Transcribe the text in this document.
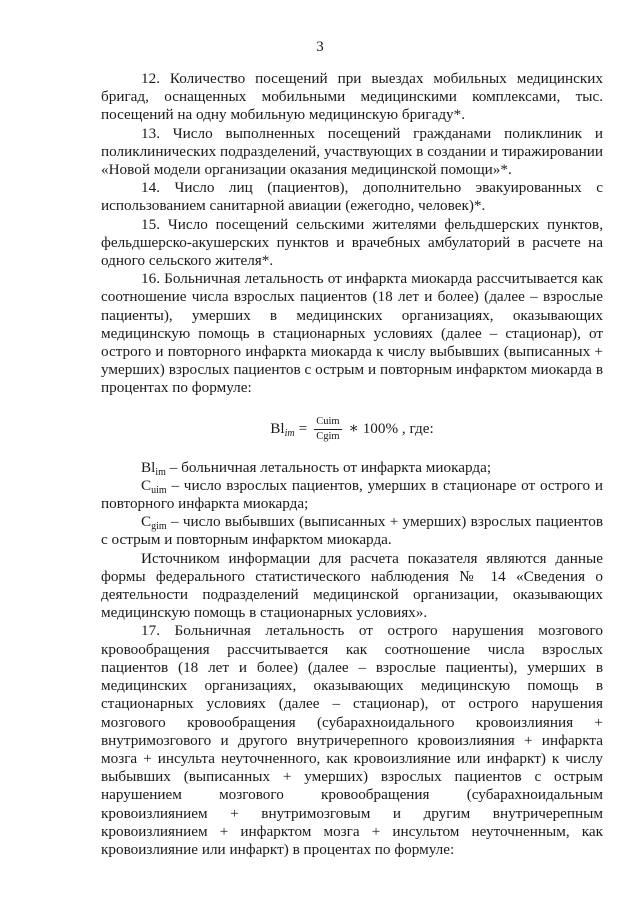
3

12. Количество посещений при выездах мобильных медицинских бригад, оснащенных мобильными медицинскими комплексами, тыс. посещений на одну мобильную медицинскую бригаду*.

13. Число выполненных посещений гражданами поликлиник и поликлинических подразделений, участвующих в создании и тиражировании «Новой модели организации оказания медицинской помощи»*.

14. Число лиц (пациентов), дополнительно эвакуированных с использованием санитарной авиации (ежегодно, человек)*.

15. Число посещений сельскими жителями фельдшерских пунктов, фельдшерско-акушерских пунктов и врачебных амбулаторий в расчете на одного сельского жителя*.

16. Больничная летальность от инфаркта миокарда рассчитывается как соотношение числа взрослых пациентов (18 лет и более) (далее – взрослые пациенты), умерших в медицинских организациях, оказывающих медицинскую помощь в стационарных условиях (далее – стационар), от острого и повторного инфаркта миокарда к числу выбывших (выписанных + умерших) взрослых пациентов с острым и повторным инфарктом миокарда в процентах по формуле:

$Bl_{im} = \frac{\text{Cuim}}{\text{Cgim}}$ ∗ 100% , где:

$Bl_{im}$ – больничная летальность от инфаркта миокарда;

$C_{uim}$ – число взрослых пациентов, умерших в стационаре от острого и повторного инфаркта миокарда;

$C_{gim}$ – число выбывших (выписанных + умерших) взрослых пациентов с острым и повторным инфарктом миокарда.

Источником информации для расчета показателя являются данные формы федерального статистического наблюдения № 14 «Сведения о деятельности подразделений медицинской организации, оказывающих медицинскую помощь в стационарных условиях».

17. Больничная летальность от острого нарушения мозгового кровообращения рассчитывается как соотношение числа взрослых пациентов (18 лет и более) (далее – взрослые пациенты), умерших в медицинских организациях, оказывающих медицинскую помощь в стационарных условиях (далее – стационар), от острого нарушения мозгового кровообращения (субарахноидального кровоизлияния + внутримозгового и другого внутричерепного кровоизлияния + инфаркта мозга + инсульта неуточненного, как кровоизлияние или инфаркт) к числу выбывших (выписанных + умерших) взрослых пациентов с острым нарушением мозгового кровообращения (субарахноидальным кровоизлиянием + внутримозговым и другим внутричерепным кровоизлиянием + инфарктом мозга + инсультом неуточненным, как кровоизлияние или инфаркт) в процентах по формуле:
